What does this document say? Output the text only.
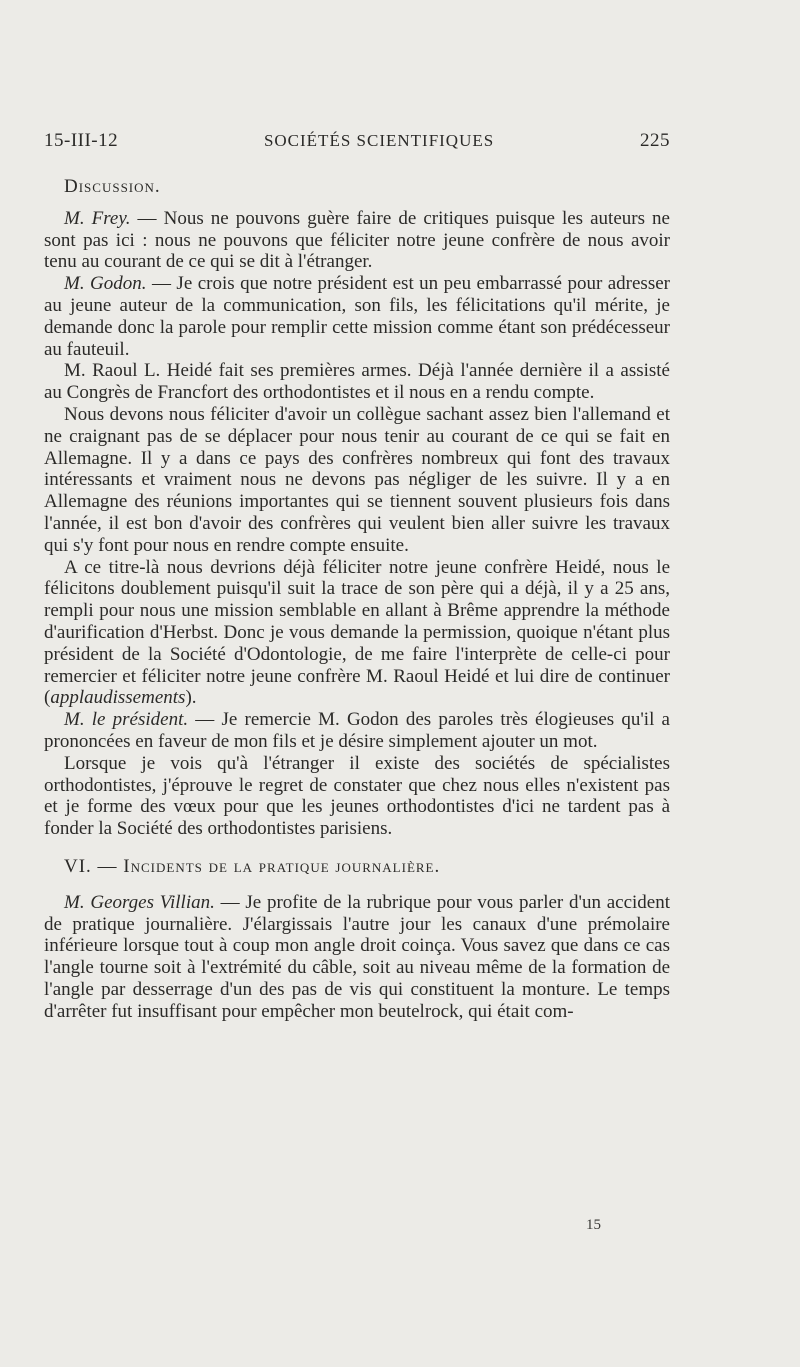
15-III-12	SOCIÉTÉS SCIENTIFIQUES	225

Discussion.

M. Frey. — Nous ne pouvons guère faire de critiques puisque les auteurs ne sont pas ici : nous ne pouvons que féliciter notre jeune confrère de nous avoir tenu au courant de ce qui se dit à l'étranger.

M. Godon. — Je crois que notre président est un peu embarrassé pour adresser au jeune auteur de la communication, son fils, les félicitations qu'il mérite, je demande donc la parole pour remplir cette mission comme étant son prédécesseur au fauteuil.

M. Raoul L. Heidé fait ses premières armes. Déjà l'année dernière il a assisté au Congrès de Francfort des orthodontistes et il nous en a rendu compte.

Nous devons nous féliciter d'avoir un collègue sachant assez bien l'allemand et ne craignant pas de se déplacer pour nous tenir au courant de ce qui se fait en Allemagne. Il y a dans ce pays des confrères nombreux qui font des travaux intéressants et vraiment nous ne devons pas négliger de les suivre. Il y a en Allemagne des réunions importantes qui se tiennent souvent plusieurs fois dans l'année, il est bon d'avoir des confrères qui veulent bien aller suivre les travaux qui s'y font pour nous en rendre compte ensuite.

A ce titre-là nous devrions déjà féliciter notre jeune confrère Heidé, nous le félicitons doublement puisqu'il suit la trace de son père qui a déjà, il y a 25 ans, rempli pour nous une mission semblable en allant à Brême apprendre la méthode d'aurification d'Herbst. Donc je vous demande la permission, quoique n'étant plus président de la Société d'Odontologie, de me faire l'interprète de celle-ci pour remercier et féliciter notre jeune confrère M. Raoul Heidé et lui dire de continuer (applaudissements).

M. le président. — Je remercie M. Godon des paroles très élogieuses qu'il a prononcées en faveur de mon fils et je désire simplement ajouter un mot.

Lorsque je vois qu'à l'étranger il existe des sociétés de spécialistes orthodontistes, j'éprouve le regret de constater que chez nous elles n'existent pas et je forme des vœux pour que les jeunes orthodontistes d'ici ne tardent pas à fonder la Société des orthodontistes parisiens.

VI. — Incidents de la pratique journalière.

M. Georges Villian. — Je profite de la rubrique pour vous parler d'un accident de pratique journalière. J'élargissais l'autre jour les canaux d'une prémolaire inférieure lorsque tout à coup mon angle droit coinça. Vous savez que dans ce cas l'angle tourne soit à l'extrémité du câble, soit au niveau même de la formation de l'angle par desserrage d'un des pas de vis qui constituent la monture. Le temps d'arrêter fut insuffisant pour empêcher mon beutelrock, qui était com-

15
